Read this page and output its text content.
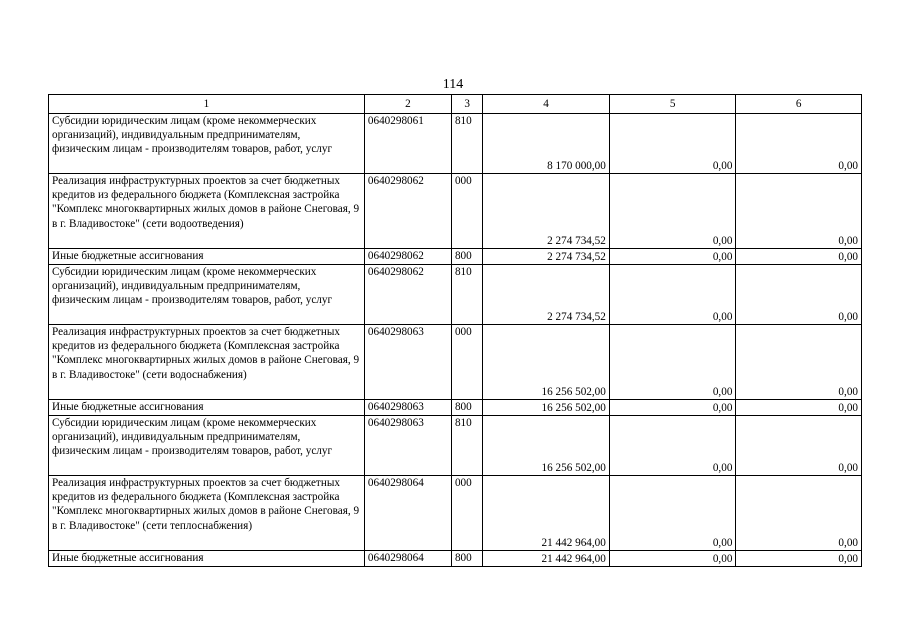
114
1	2	3	4	5	6
Субсидии юридическим лицам (кроме некоммерческих организаций), индивидуальным предпринимателям, физическим лицам - производителям товаров, работ, услуг	0640298061	810	8 170 000,00	0,00	0,00
Реализация инфраструктурных проектов за счет бюджетных кредитов из федерального бюджета (Комплексная застройка "Комплекс многоквартирных жилых домов в районе Снеговая, 9 в г. Владивостоке" (сети водоотведения)	0640298062	000	2 274 734,52	0,00	0,00
Иные бюджетные ассигнования	0640298062	800	2 274 734,52	0,00	0,00
Субсидии юридическим лицам (кроме некоммерческих организаций), индивидуальным предпринимателям, физическим лицам - производителям товаров, работ, услуг	0640298062	810	2 274 734,52	0,00	0,00
Реализация инфраструктурных проектов за счет бюджетных кредитов из федерального бюджета (Комплексная застройка "Комплекс многоквартирных жилых домов в районе Снеговая, 9 в г. Владивостоке" (сети водоснабжения)	0640298063	000	16 256 502,00	0,00	0,00
Иные бюджетные ассигнования	0640298063	800	16 256 502,00	0,00	0,00
Субсидии юридическим лицам (кроме некоммерческих организаций), индивидуальным предпринимателям, физическим лицам - производителям товаров, работ, услуг	0640298063	810	16 256 502,00	0,00	0,00
Реализация инфраструктурных проектов за счет бюджетных кредитов из федерального бюджета (Комплексная застройка "Комплекс многоквартирных жилых домов в районе Снеговая, 9 в г. Владивостоке" (сети теплоснабжения)	0640298064	000	21 442 964,00	0,00	0,00
Иные бюджетные ассигнования	0640298064	800	21 442 964,00	0,00	0,00
